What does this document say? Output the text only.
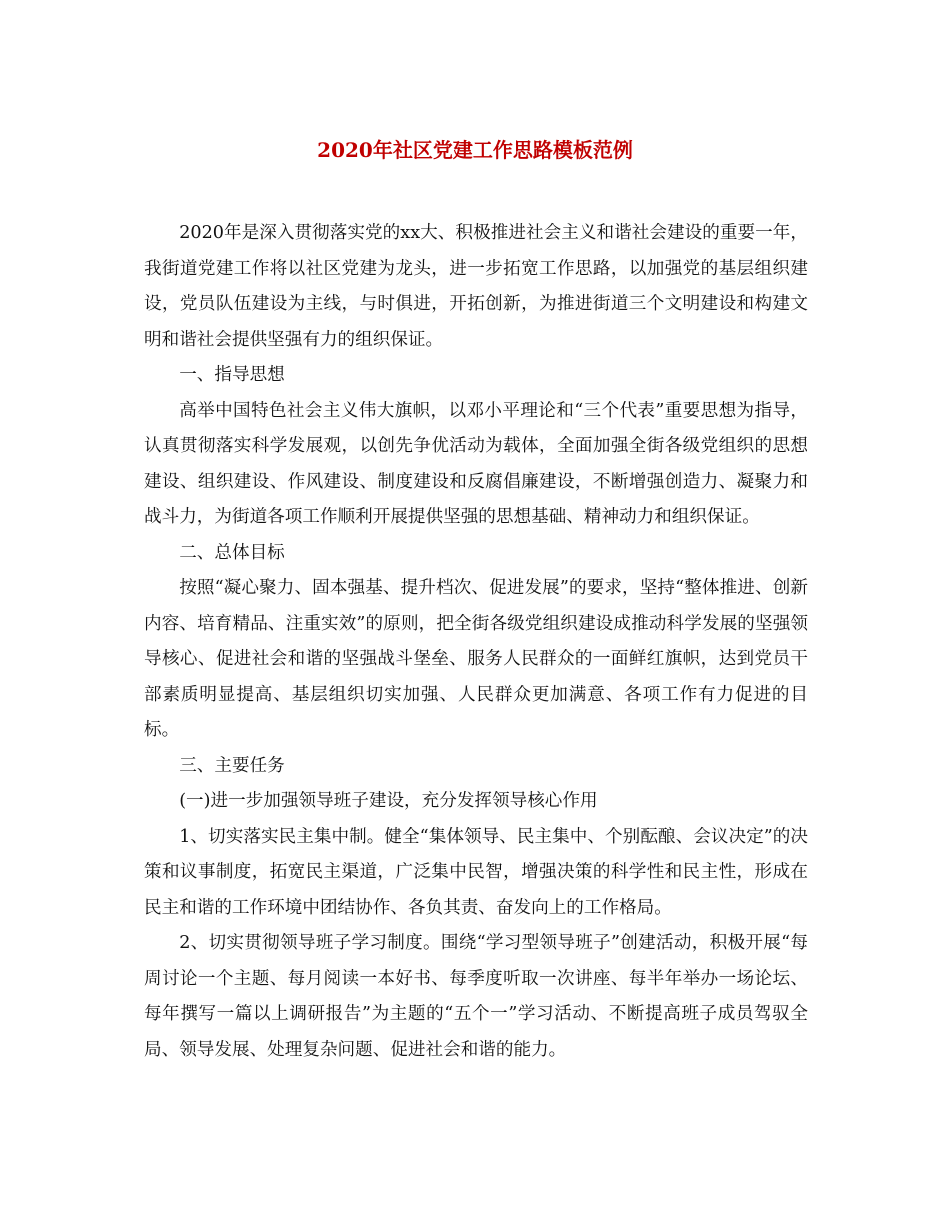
2020年社区党建工作思路模板范例

2020年是深入贯彻落实党的xx大、积极推进社会主义和谐社会建设的重要一年，我街道党建工作将以社区党建为龙头，进一步拓宽工作思路，以加强党的基层组织建设，党员队伍建设为主线，与时俱进，开拓创新，为推进街道三个文明建设和构建文明和谐社会提供坚强有力的组织保证。

一、指导思想

高举中国特色社会主义伟大旗帜，以邓小平理论和“三个代表”重要思想为指导，认真贯彻落实科学发展观，以创先争优活动为载体，全面加强全街各级党组织的思想建设、组织建设、作风建设、制度建设和反腐倡廉建设，不断增强创造力、凝聚力和战斗力，为街道各项工作顺利开展提供坚强的思想基础、精神动力和组织保证。

二、总体目标

按照“凝心聚力、固本强基、提升档次、促进发展”的要求，坚持“整体推进、创新内容、培育精品、注重实效”的原则，把全街各级党组织建设成推动科学发展的坚强领导核心、促进社会和谐的坚强战斗堡垒、服务人民群众的一面鲜红旗帜，达到党员干部素质明显提高、基层组织切实加强、人民群众更加满意、各项工作有力促进的目标。

三、主要任务

(一)进一步加强领导班子建设，充分发挥领导核心作用

1、切实落实民主集中制。健全“集体领导、民主集中、个别酝酿、会议决定”的决策和议事制度，拓宽民主渠道，广泛集中民智，增强决策的科学性和民主性，形成在民主和谐的工作环境中团结协作、各负其责、奋发向上的工作格局。

2、切实贯彻领导班子学习制度。围绕“学习型领导班子”创建活动，积极开展“每周讨论一个主题、每月阅读一本好书、每季度听取一次讲座、每半年举办一场论坛、每年撰写一篇以上调研报告”为主题的“五个一”学习活动、不断提高班子成员驾驭全局、领导发展、处理复杂问题、促进社会和谐的能力。
